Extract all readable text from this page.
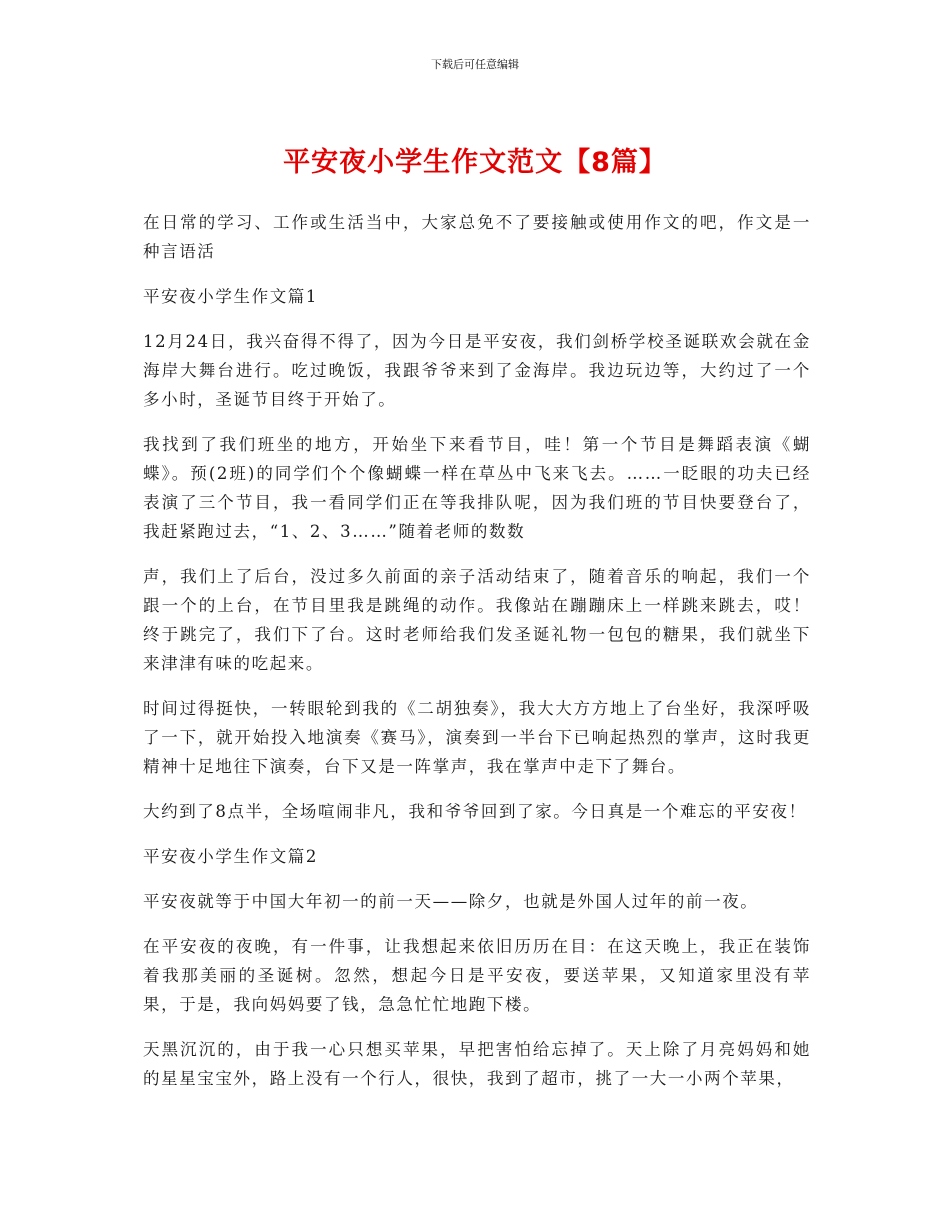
下载后可任意编辑
平安夜小学生作文范文【8篇】

在日常的学习、工作或生活当中，大家总免不了要接触或使用作文的吧，作文是一种言语活

平安夜小学生作文篇1

12月24日，我兴奋得不得了，因为今日是平安夜，我们剑桥学校圣诞联欢会就在金海岸大舞台进行。吃过晚饭，我跟爷爷来到了金海岸。我边玩边等，大约过了一个多小时，圣诞节目终于开始了。

我找到了我们班坐的地方，开始坐下来看节目，哇！第一个节目是舞蹈表演《蝴蝶》。预(2班)的同学们个个像蝴蝶一样在草丛中飞来飞去。……一眨眼的功夫已经表演了三个节目，我一看同学们正在等我排队呢，因为我们班的节目快要登台了，我赶紧跑过去，“1、2、3……”随着老师的数数

声，我们上了后台，没过多久前面的亲子活动结束了，随着音乐的响起，我们一个跟一个的上台，在节目里我是跳绳的动作。我像站在蹦蹦床上一样跳来跳去，哎！终于跳完了，我们下了台。这时老师给我们发圣诞礼物一包包的糖果，我们就坐下来津津有味的吃起来。

时间过得挺快，一转眼轮到我的《二胡独奏》，我大大方方地上了台坐好，我深呼吸了一下，就开始投入地演奏《赛马》，演奏到一半台下已响起热烈的掌声，这时我更精神十足地往下演奏，台下又是一阵掌声，我在掌声中走下了舞台。

大约到了8点半，全场喧闹非凡，我和爷爷回到了家。今日真是一个难忘的平安夜！

平安夜小学生作文篇2

平安夜就等于中国大年初一的前一天——除夕，也就是外国人过年的前一夜。

在平安夜的夜晚，有一件事，让我想起来依旧历历在目：在这天晚上，我正在装饰着我那美丽的圣诞树。忽然，想起今日是平安夜，要送苹果，又知道家里没有苹果，于是，我向妈妈要了钱，急急忙忙地跑下楼。

天黑沉沉的，由于我一心只想买苹果，早把害怕给忘掉了。天上除了月亮妈妈和她的星星宝宝外，路上没有一个行人，很快，我到了超市，挑了一大一小两个苹果，
